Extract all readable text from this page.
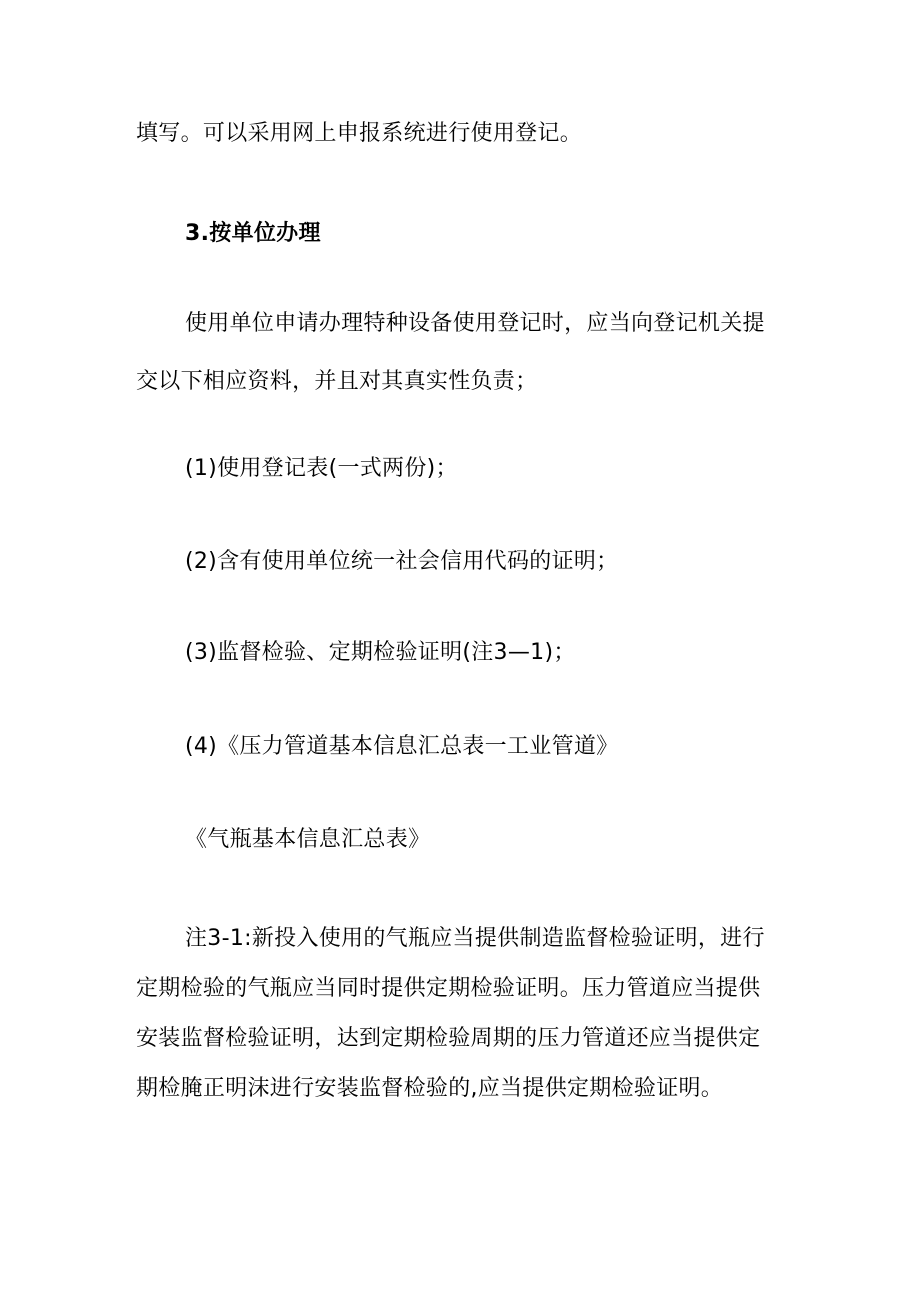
填写。可以采用网上申报系统进行使用登记。
3.按单位办理
使用单位申请办理特种设备使用登记时，应当向登记机关提
交以下相应资料，并且对其真实性负责；
(1)使用登记表(一式两份)；
(2)含有使用单位统一社会信用代码的证明；
(3)监督检验、定期检验证明(注3—1)；
(4)《压力管道基本信息汇总表一工业管道》
《气瓶基本信息汇总表》
注3-1:新投入使用的气瓶应当提供制造监督检验证明，进行
定期检验的气瓶应当同时提供定期检验证明。压力管道应当提供
安装监督检验证明，达到定期检验周期的压力管道还应当提供定
期检腌正明沫进行安装监督检验的,应当提供定期检验证明。
